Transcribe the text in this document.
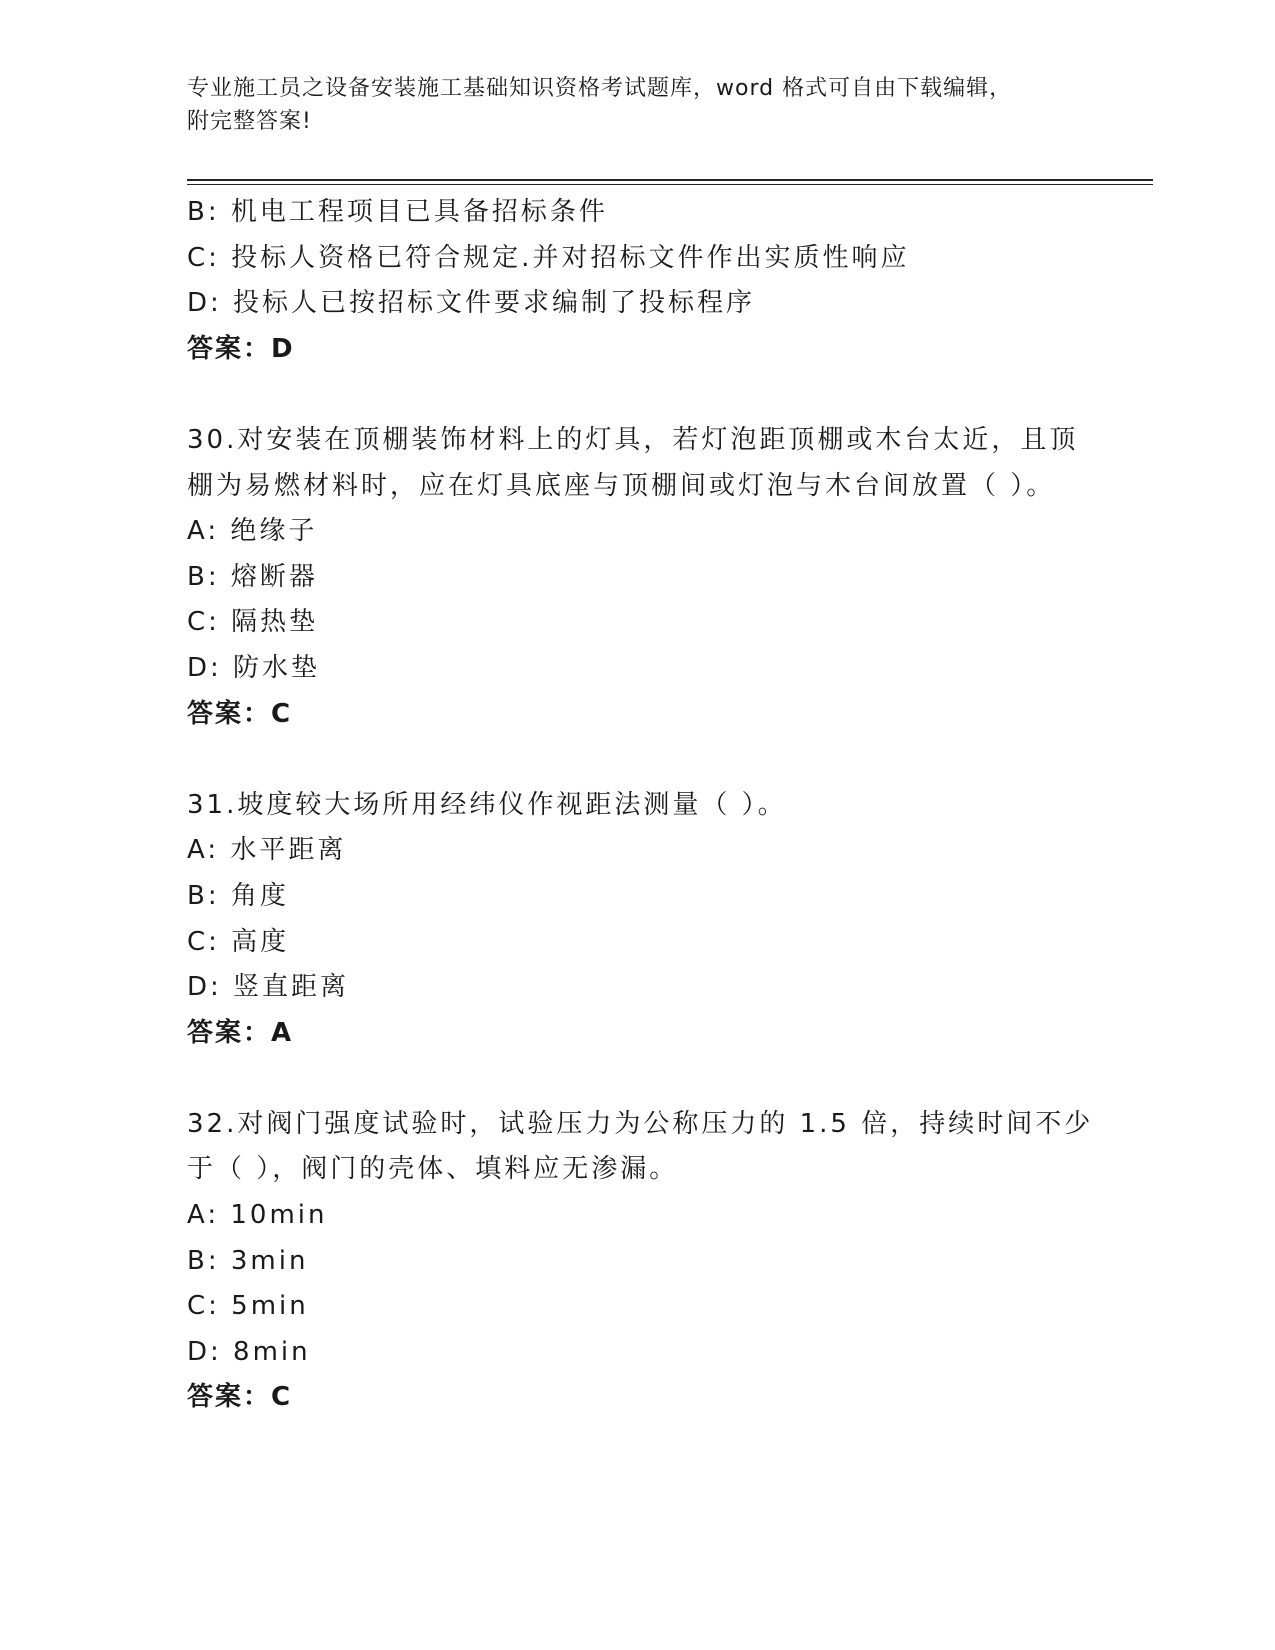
专业施工员之设备安装施工基础知识资格考试题库，word 格式可自由下载编辑，
附完整答案!
B: 机电工程项目已具备招标条件
C: 投标人资格已符合规定.并对招标文件作出实质性响应
D: 投标人已按招标文件要求编制了投标程序
答案：D
30.对安装在顶棚装饰材料上的灯具，若灯泡距顶棚或木台太近，且顶
棚为易燃材料时，应在灯具底座与顶棚间或灯泡与木台间放置（ ）。
A: 绝缘子
B: 熔断器
C: 隔热垫
D: 防水垫
答案：C
31.坡度较大场所用经纬仪作视距法测量（ ）。
A: 水平距离
B: 角度
C: 高度
D: 竖直距离
答案：A
32.对阀门强度试验时，试验压力为公称压力的 1.5 倍，持续时间不少
于（ ），阀门的壳体、填料应无渗漏。
A: 10min
B: 3min
C: 5min
D: 8min
答案：C
